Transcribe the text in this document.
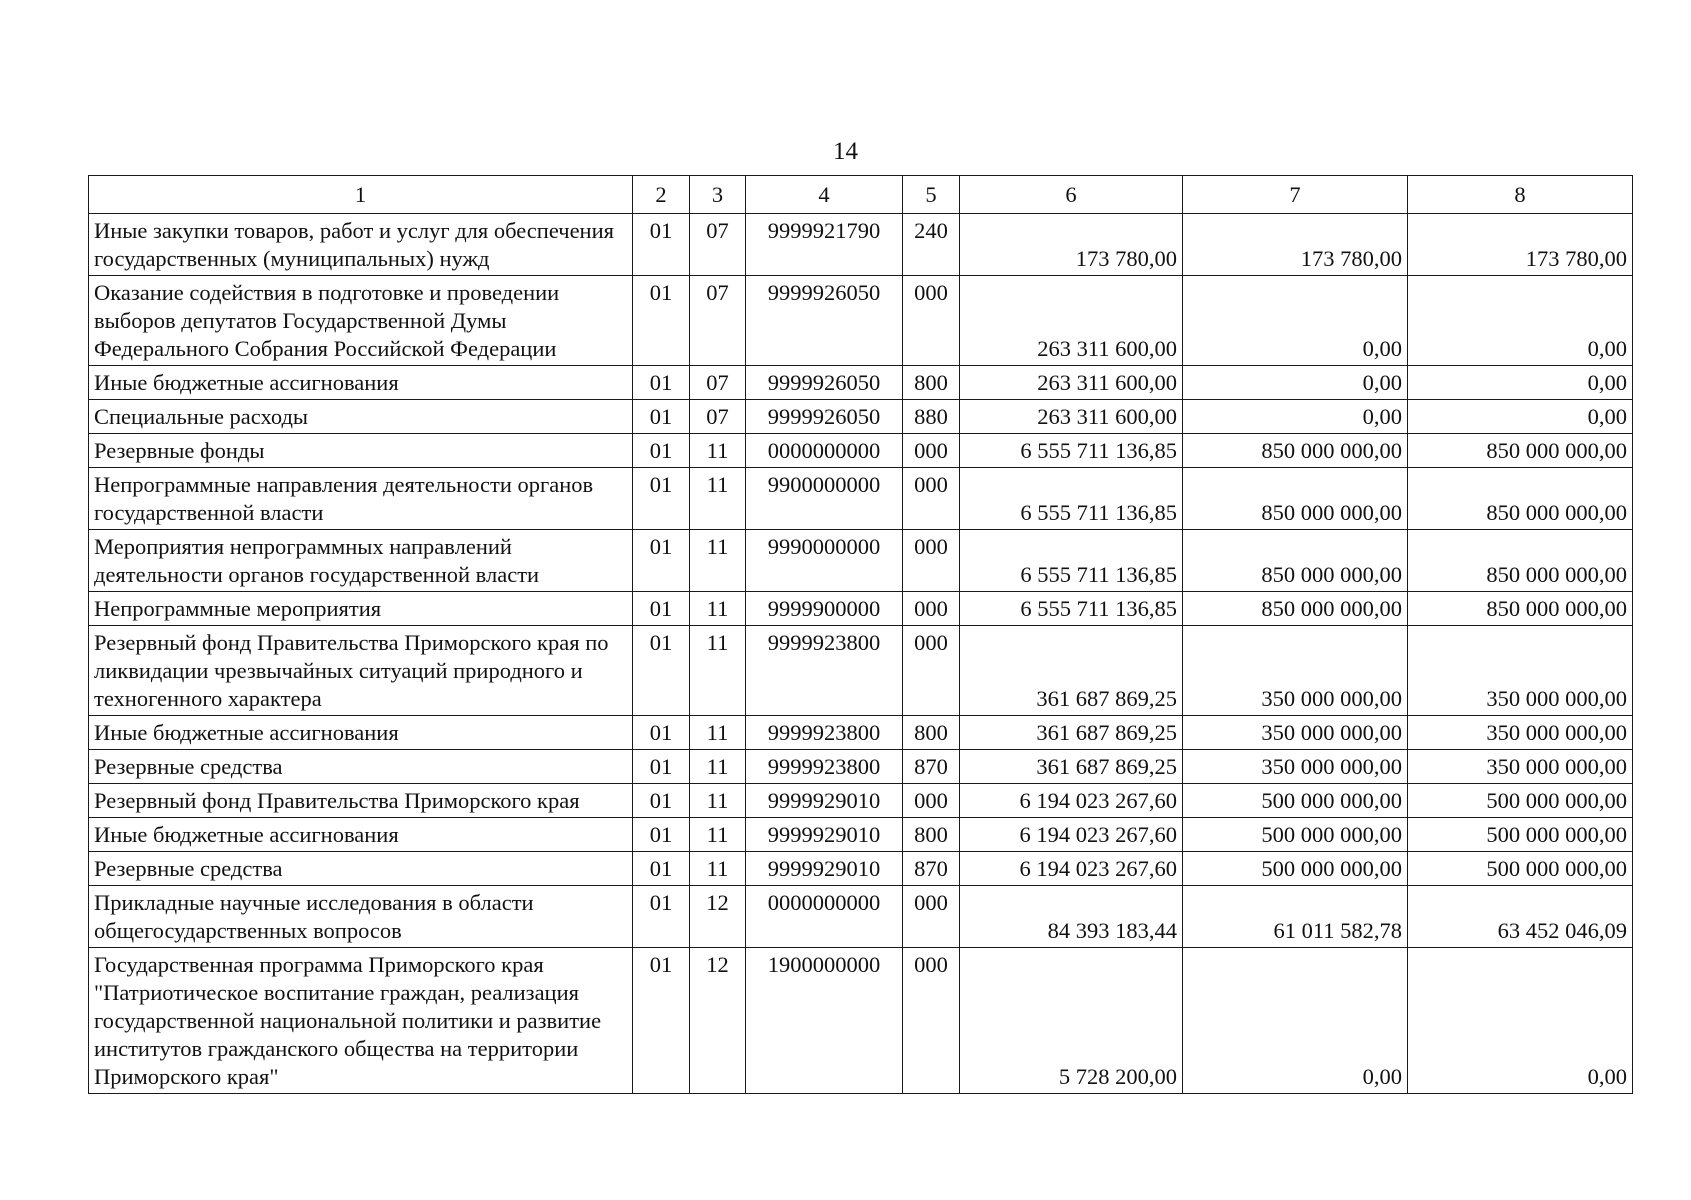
14
1	2	3	4	5	6	7	8
Иные закупки товаров, работ и услуг для обеспечения государственных (муниципальных) нужд	01	07	9999921790	240	173 780,00	173 780,00	173 780,00
Оказание содействия в подготовке и проведении выборов депутатов Государственной Думы Федерального Собрания Российской Федерации	01	07	9999926050	000	263 311 600,00	0,00	0,00
Иные бюджетные ассигнования	01	07	9999926050	800	263 311 600,00	0,00	0,00
Специальные расходы	01	07	9999926050	880	263 311 600,00	0,00	0,00
Резервные фонды	01	11	0000000000	000	6 555 711 136,85	850 000 000,00	850 000 000,00
Непрограммные направления деятельности органов государственной власти	01	11	9900000000	000	6 555 711 136,85	850 000 000,00	850 000 000,00
Мероприятия непрограммных направлений деятельности органов государственной власти	01	11	9990000000	000	6 555 711 136,85	850 000 000,00	850 000 000,00
Непрограммные мероприятия	01	11	9999900000	000	6 555 711 136,85	850 000 000,00	850 000 000,00
Резервный фонд Правительства Приморского края по ликвидации чрезвычайных ситуаций природного и техногенного характера	01	11	9999923800	000	361 687 869,25	350 000 000,00	350 000 000,00
Иные бюджетные ассигнования	01	11	9999923800	800	361 687 869,25	350 000 000,00	350 000 000,00
Резервные средства	01	11	9999923800	870	361 687 869,25	350 000 000,00	350 000 000,00
Резервный фонд Правительства Приморского края	01	11	9999929010	000	6 194 023 267,60	500 000 000,00	500 000 000,00
Иные бюджетные ассигнования	01	11	9999929010	800	6 194 023 267,60	500 000 000,00	500 000 000,00
Резервные средства	01	11	9999929010	870	6 194 023 267,60	500 000 000,00	500 000 000,00
Прикладные научные исследования в области общегосударственных вопросов	01	12	0000000000	000	84 393 183,44	61 011 582,78	63 452 046,09
Государственная программа Приморского края "Патриотическое воспитание граждан, реализация государственной национальной политики и развитие институтов гражданского общества на территории Приморского края"	01	12	1900000000	000	5 728 200,00	0,00	0,00
